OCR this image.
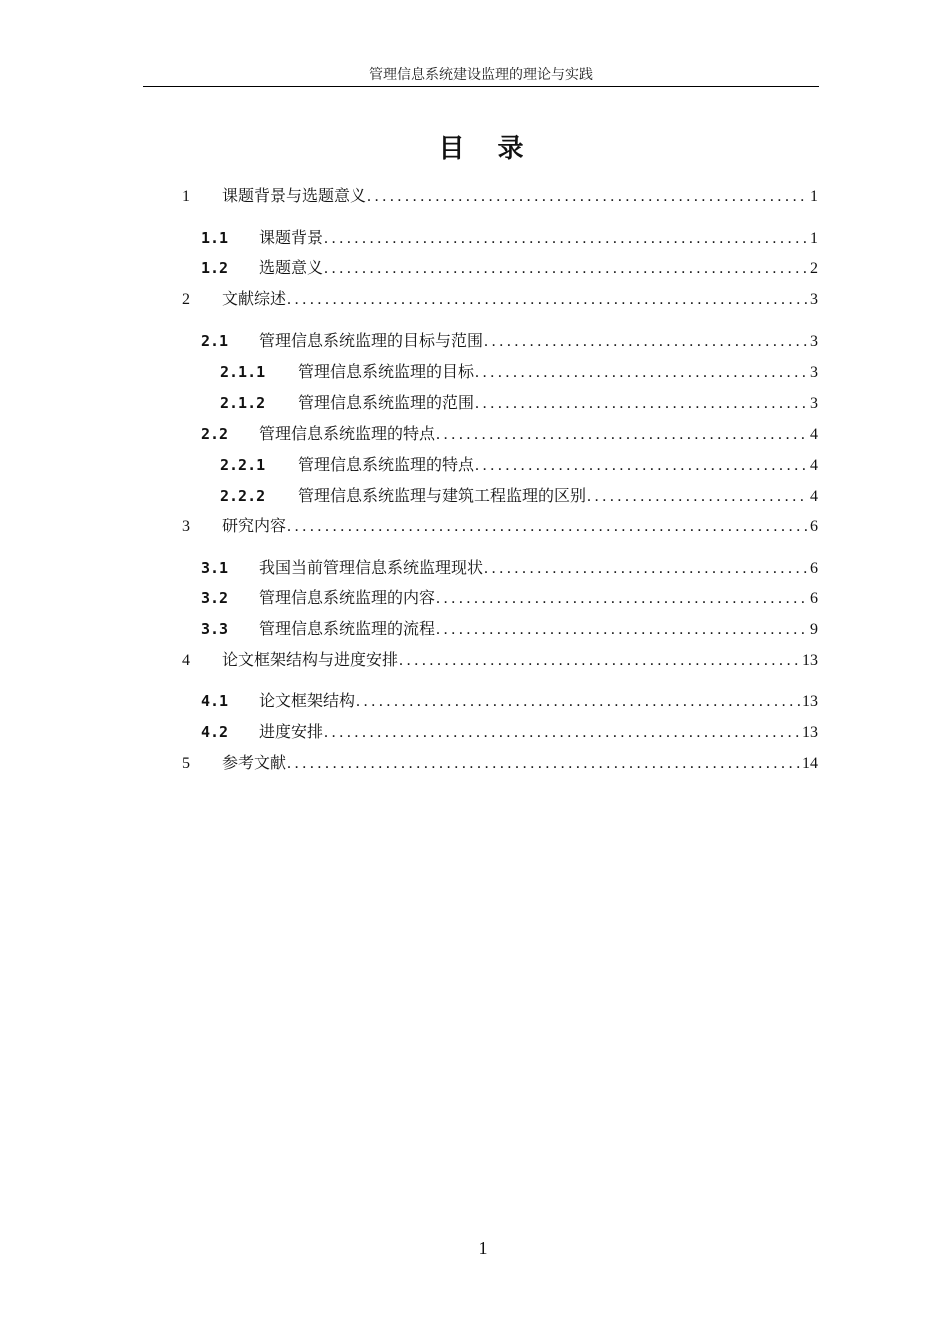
管理信息系统建设监理的理论与实践
目 录
1	课题背景与选题意义 .....	1
1.1	课题背景 .....	1
1.2	选题意义 .....	2
2	文献综述 .....	3
2.1	管理信息系统监理的目标与范围 .....	3
2.1.1	管理信息系统监理的目标 .....	3
2.1.2	管理信息系统监理的范围 .....	3
2.2	管理信息系统监理的特点 .....	4
2.2.1	管理信息系统监理的特点 .....	4
2.2.2	管理信息系统监理与建筑工程监理的区别 .....	4
3	研究内容 .....	6
3.1	我国当前管理信息系统监理现状 .....	6
3.2	管理信息系统监理的内容 .....	6
3.3	管理信息系统监理的流程 .....	9
4	论文框架结构与进度安排 .....	13
4.1	论文框架结构 .....	13
4.2	进度安排 .....	13
5	参考文献 .....	14
1
